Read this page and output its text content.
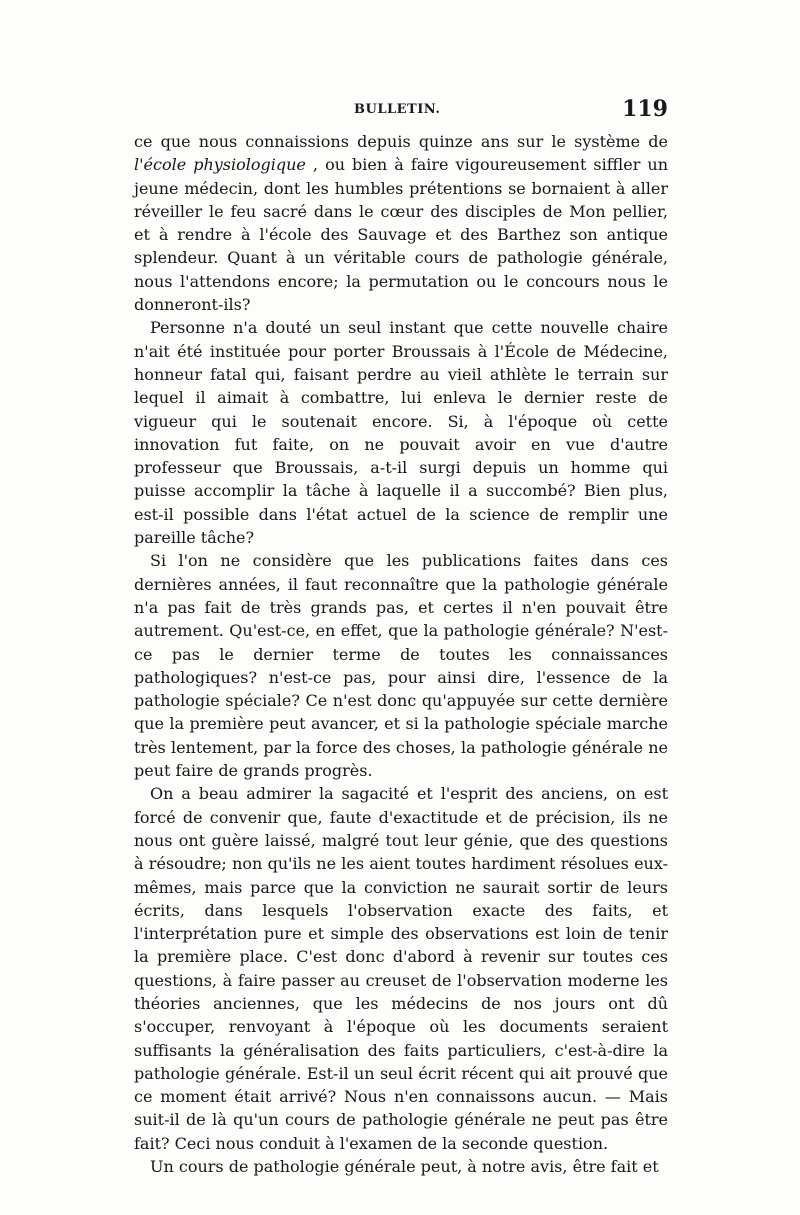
BULLETIN.	119

ce que nous connaissions depuis quinze ans sur le système de l'école physiologique , ou bien à faire vigoureusement siffler un jeune médecin, dont les humbles prétentions se bornaient à aller réveiller le feu sacré dans le cœur des disciples de Mon pellier, et à rendre à l'école des Sauvage et des Barthez son antique splendeur. Quant à un véritable cours de pathologie générale, nous l'attendons encore; la permutation ou le concours nous le donneront-ils?

Personne n'a douté un seul instant que cette nouvelle chaire n'ait été instituée pour porter Broussais à l'École de Médecine, honneur fatal qui, faisant perdre au vieil athlète le terrain sur lequel il aimait à combattre, lui enleva le dernier reste de vigueur qui le soutenait encore. Si, à l'époque où cette innovation fut faite, on ne pouvait avoir en vue d'autre professeur que Broussais, a-t-il surgi depuis un homme qui puisse accomplir la tâche à laquelle il a succombé? Bien plus, est-il possible dans l'état actuel de la science de remplir une pareille tâche?

Si l'on ne considère que les publications faites dans ces dernières années, il faut reconnaître que la pathologie générale n'a pas fait de très grands pas, et certes il n'en pouvait être autrement. Qu'est-ce, en effet, que la pathologie générale? N'est-ce pas le dernier terme de toutes les connaissances pathologiques? n'est-ce pas, pour ainsi dire, l'essence de la pathologie spéciale? Ce n'est donc qu'appuyée sur cette dernière que la première peut avancer, et si la pathologie spéciale marche très lentement, par la force des choses, la pathologie générale ne peut faire de grands progrès.

On a beau admirer la sagacité et l'esprit des anciens, on est forcé de convenir que, faute d'exactitude et de précision, ils ne nous ont guère laissé, malgré tout leur génie, que des questions à résoudre; non qu'ils ne les aient toutes hardiment résolues eux-mêmes, mais parce que la conviction ne saurait sortir de leurs écrits, dans lesquels l'observation exacte des faits, et l'interprétation pure et simple des observations est loin de tenir la première place. C'est donc d'abord à revenir sur toutes ces questions, à faire passer au creuset de l'observation moderne les théories anciennes, que les médecins de nos jours ont dû s'occuper, renvoyant à l'époque où les documents seraient suffisants la généralisation des faits particuliers, c'est-à-dire la pathologie générale. Est-il un seul écrit récent qui ait prouvé que ce moment était arrivé? Nous n'en connaissons aucun. — Mais suit-il de là qu'un cours de pathologie générale ne peut pas être fait? Ceci nous conduit à l'examen de la seconde question.

Un cours de pathologie générale peut, à notre avis, être fait et
